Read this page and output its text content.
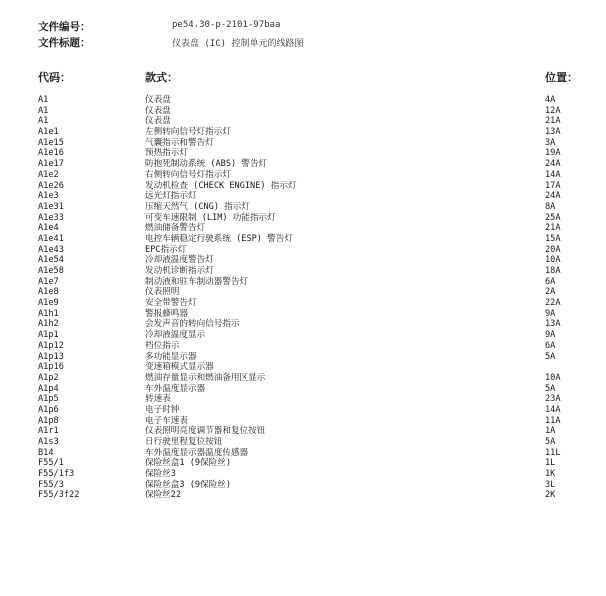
文件编号：	pe54.30-p-2101-97baa
文件标题：	仪表盘 (IC) 控制单元的线路图
代码：	款式：	位置：
A1	仪表盘	4A
A1	仪表盘	12A
A1	仪表盘	21A
A1e1	左侧转向信号灯指示灯	13A
A1e15	气囊指示和警告灯	3A
A1e16	预热指示灯	19A
A1e17	防抱死制动系统 (ABS) 警告灯	24A
A1e2	右侧转向信号灯指示灯	14A
A1e26	发动机检查 (CHECK ENGINE) 指示灯	17A
A1e3	远光灯指示灯	24A
A1e31	压缩天然气 (CNG) 指示灯	8A
A1e33	可变车速限制 (LIM) 功能指示灯	25A
A1e4	燃油储备警告灯	21A
A1e41	电控车辆稳定行驶系统 (ESP) 警告灯	15A
A1e43	EPC指示灯	20A
A1e54	冷却液温度警告灯	10A
A1e58	发动机诊断指示灯	18A
A1e7	制动液和驻车制动器警告灯	6A
A1e8	仪表照明	2A
A1e9	安全带警告灯	22A
A1h1	警报蜂鸣器	9A
A1h2	会发声音的转向信号指示	13A
A1p1	冷却液温度显示	9A
A1p12	档位指示	6A
A1p13	多功能显示器	5A
A1p16	变速箱模式显示器
A1p2	燃油存量显示和燃油备用区显示	10A
A1p4	车外温度显示器	5A
A1p5	转速表	23A
A1p6	电子时钟	14A
A1p8	电子车速表	11A
A1r1	仪表照明亮度调节器和复位按钮	1A
A1s3	日行驶里程复位按钮	5A
B14	车外温度显示器温度传感器	11L
F55/1	保险丝盒1 (9保险丝)	1L
F55/1f3	保险丝3	1K
F55/3	保险丝盒3 (9保险丝)	3L
F55/3f22	保险丝22	2K
